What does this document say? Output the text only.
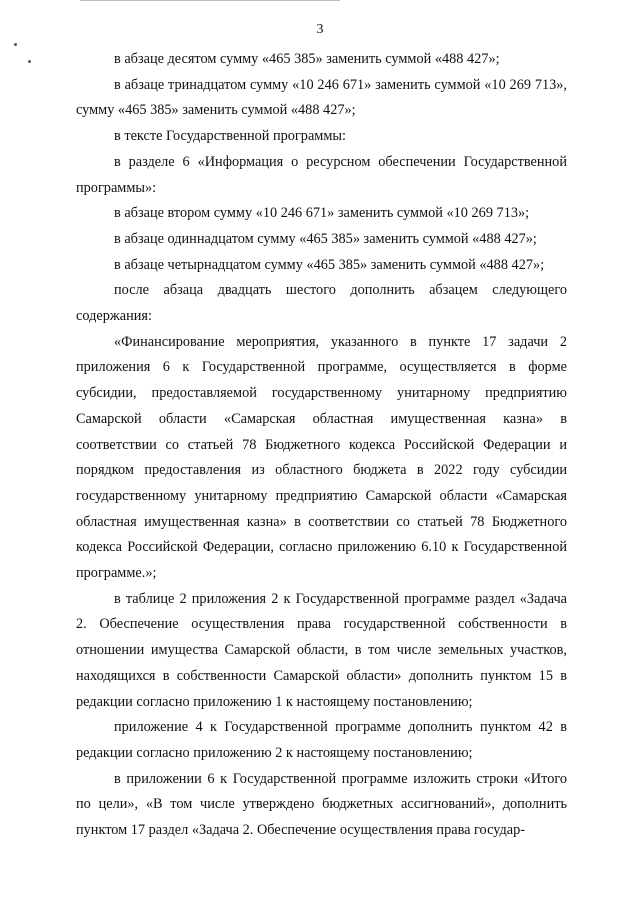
3

в абзаце десятом сумму «465 385» заменить суммой «488 427»;

в абзаце тринадцатом сумму «10 246 671» заменить суммой «10 269 713», сумму «465 385» заменить суммой «488 427»;

в тексте Государственной программы:

в разделе 6 «Информация о ресурсном обеспечении Государственной программы»:

в абзаце втором сумму «10 246 671» заменить суммой «10 269 713»;

в абзаце одиннадцатом сумму «465 385» заменить суммой «488 427»;

в абзаце четырнадцатом сумму «465 385» заменить суммой «488 427»;

после абзаца двадцать шестого дополнить абзацем следующего содержания:

«Финансирование мероприятия, указанного в пункте 17 задачи 2 приложения 6 к Государственной программе, осуществляется в форме субсидии, предоставляемой государственному унитарному предприятию Самарской области «Самарская областная имущественная казна» в соответствии со статьей 78 Бюджетного кодекса Российской Федерации и порядком предоставления из областного бюджета в 2022 году субсидии государственному унитарному предприятию Самарской области «Самарская областная имущественная казна» в соответствии со статьей 78 Бюджетного кодекса Российской Федерации, согласно приложению 6.10 к Государственной программе.»;

в таблице 2 приложения 2 к Государственной программе раздел «Задача 2. Обеспечение осуществления права государственной собственности в отношении имущества Самарской области, в том числе земельных участков, находящихся в собственности Самарской области» дополнить пунктом 15 в редакции согласно приложению 1 к настоящему постановлению;

приложение 4 к Государственной программе дополнить пунктом 42 в редакции согласно приложению 2 к настоящему постановлению;

в приложении 6 к Государственной программе изложить строки «Итого по цели», «В том числе утверждено бюджетных ассигнований», дополнить пунктом 17 раздел «Задача 2. Обеспечение осуществления права государ-
